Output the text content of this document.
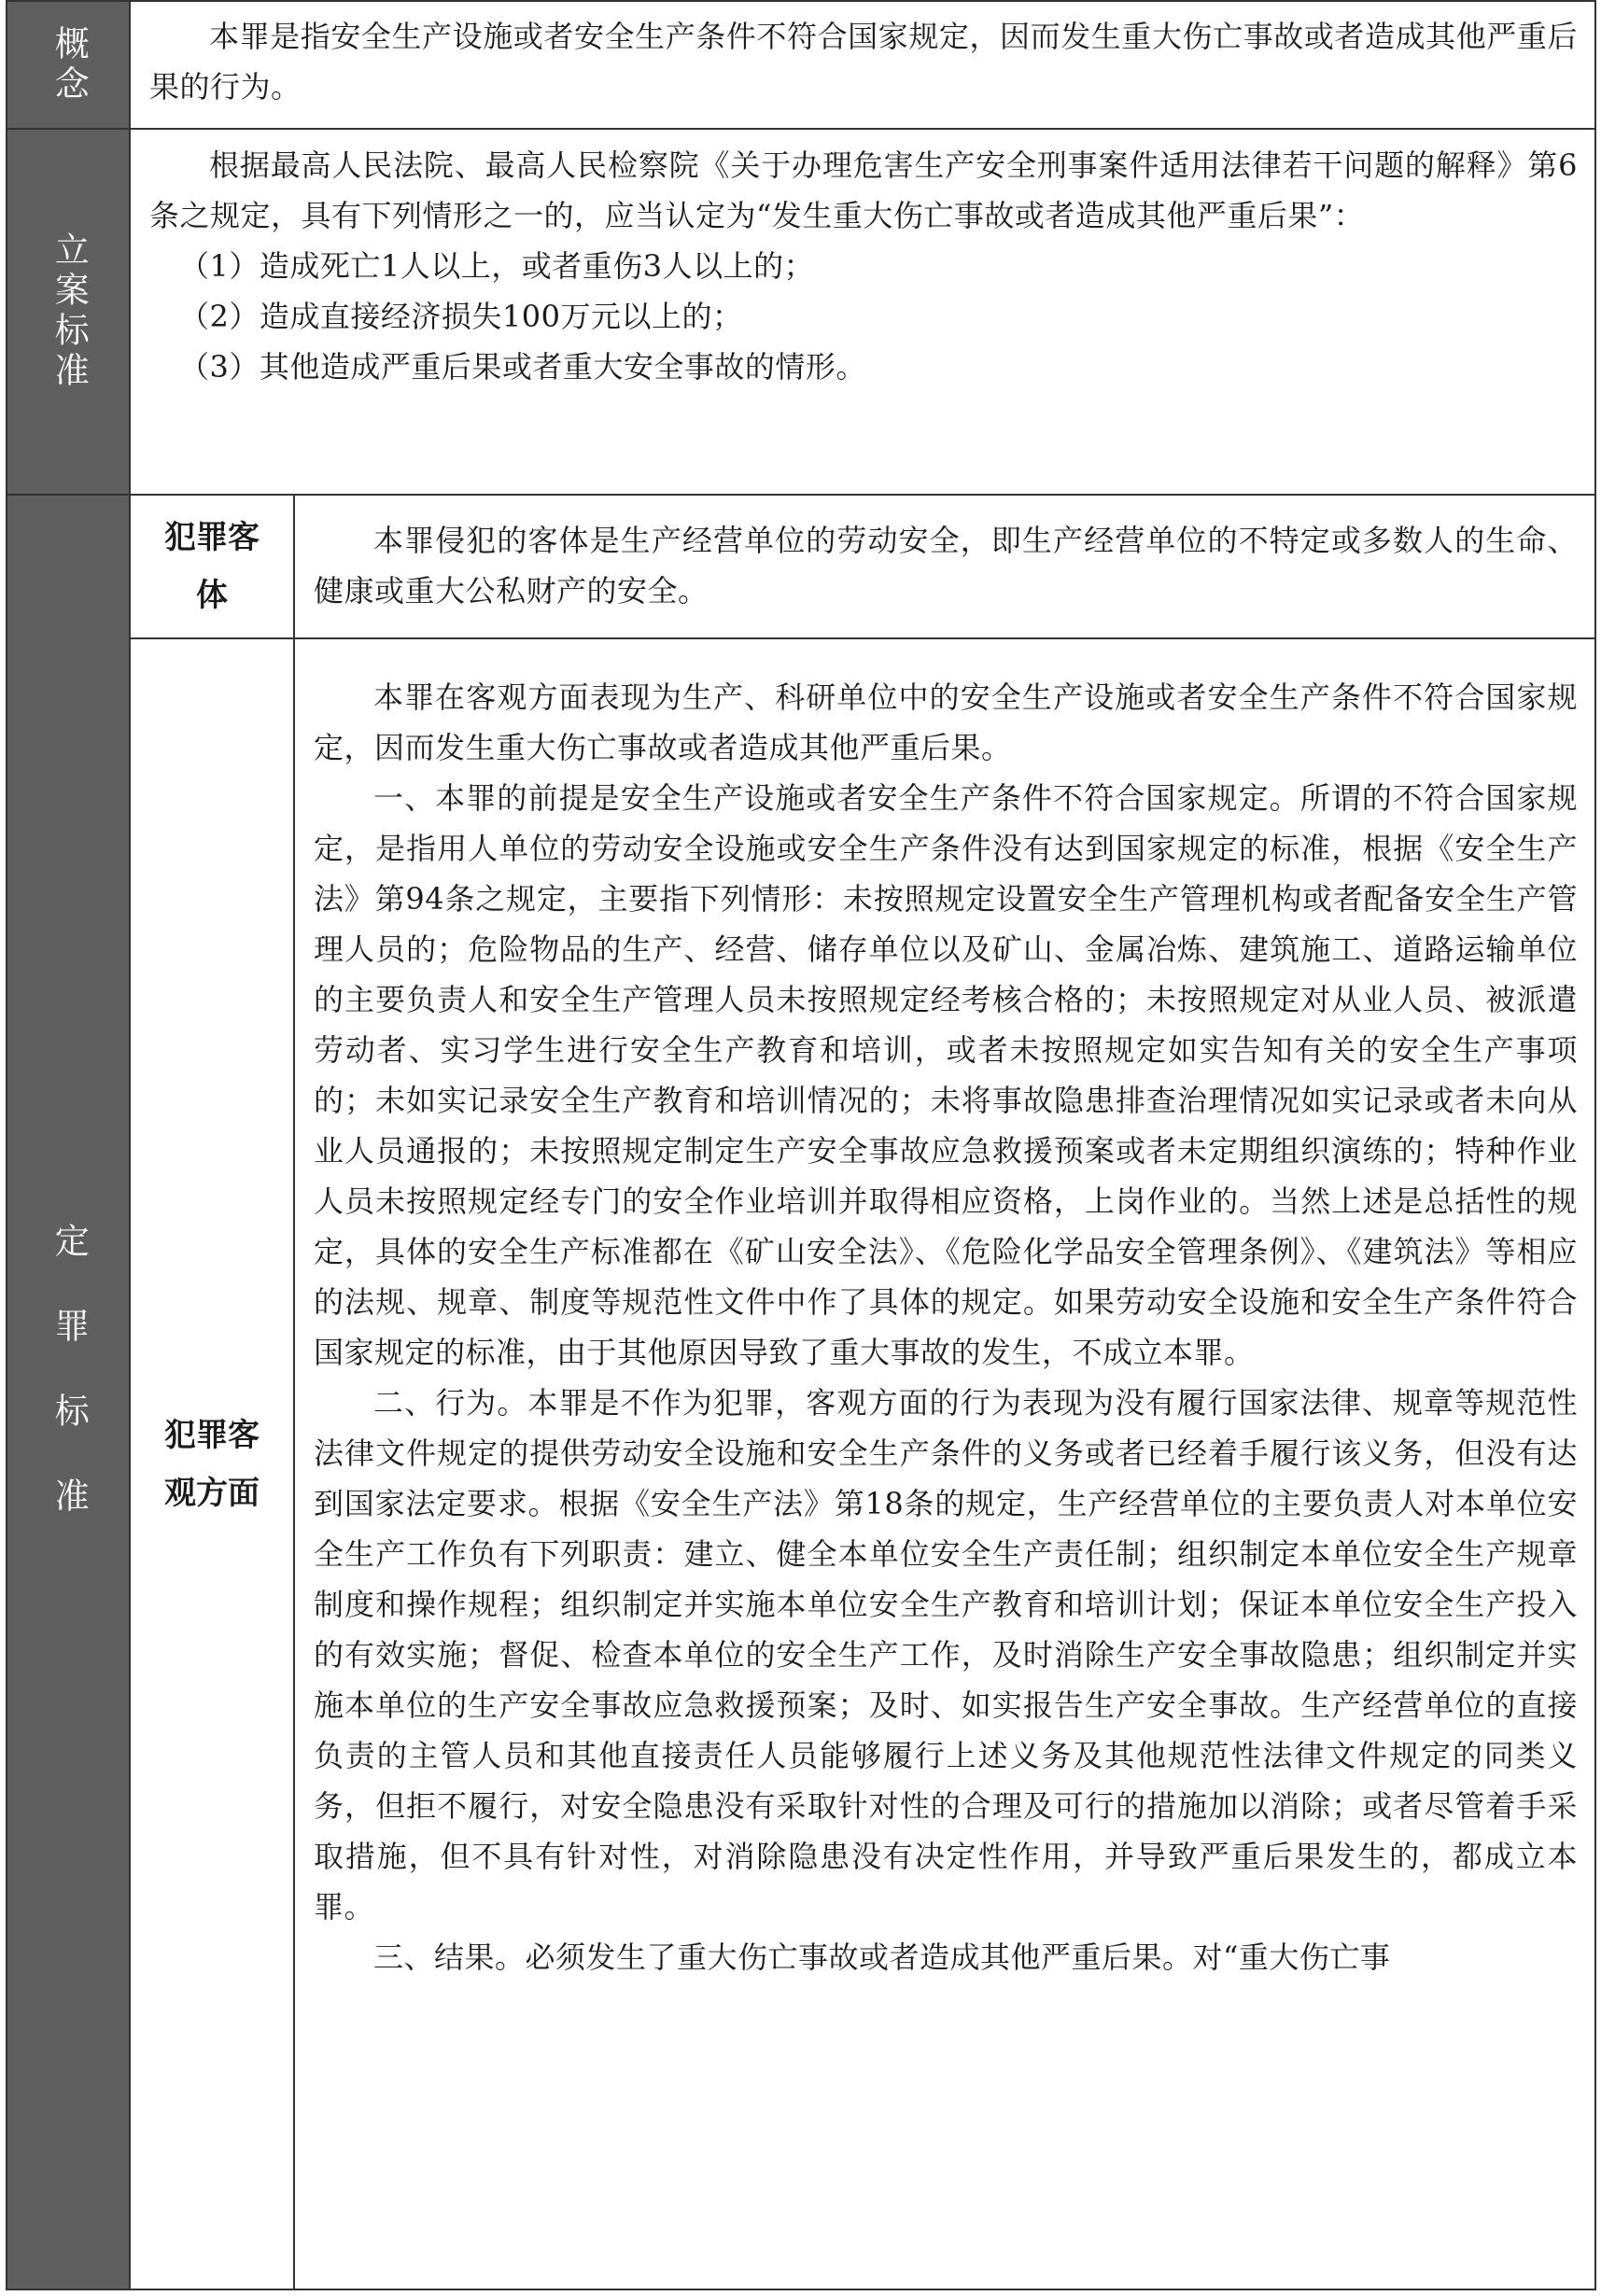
概念	本罪是指安全生产设施或者安全生产条件不符合国家规定，因而发生重大伤亡事故或者造成其他严重后果的行为。

立案标准

根据最高人民法院、最高人民检察院《关于办理危害生产安全刑事案件适用法律若干问题的解释》第6条之规定，具有下列情形之一的，应当认定为“发生重大伤亡事故或者造成其他严重后果”：

（1）造成死亡1人以上，或者重伤3人以上的；

（2）造成直接经济损失100万元以上的；

（3）其他造成严重后果或者重大安全事故的情形。

定罪标准
犯罪客体

本罪侵犯的客体是生产经营单位的劳动安全，即生产经营单位的不特定或多数人的生命、健康或重大公私财产的安全。

犯罪客观方面

本罪在客观方面表现为生产、科研单位中的安全生产设施或者安全生产条件不符合国家规定，因而发生重大伤亡事故或者造成其他严重后果。

一、本罪的前提是安全生产设施或者安全生产条件不符合国家规定。所谓的不符合国家规定，是指用人单位的劳动安全设施或安全生产条件没有达到国家规定的标准，根据《安全生产法》第94条之规定，主要指下列情形：未按照规定设置安全生产管理机构或者配备安全生产管理人员的；危险物品的生产、经营、储存单位以及矿山、金属冶炼、建筑施工、道路运输单位的主要负责人和安全生产管理人员未按照规定经考核合格的；未按照规定对从业人员、被派遣劳动者、实习学生进行安全生产教育和培训，或者未按照规定如实告知有关的安全生产事项的；未如实记录安全生产教育和培训情况的；未将事故隐患排查治理情况如实记录或者未向从业人员通报的；未按照规定制定生产安全事故应急救援预案或者未定期组织演练的；特种作业人员未按照规定经专门的安全作业培训并取得相应资格，上岗作业的。当然上述是总括性的规定，具体的安全生产标准都在《矿山安全法》、《危险化学品安全管理条例》、《建筑法》等相应的法规、规章、制度等规范性文件中作了具体的规定。如果劳动安全设施和安全生产条件符合国家规定的标准，由于其他原因导致了重大事故的发生，不成立本罪。

二、行为。本罪是不作为犯罪，客观方面的行为表现为没有履行国家法律、规章等规范性法律文件规定的提供劳动安全设施和安全生产条件的义务或者已经着手履行该义务，但没有达到国家法定要求。根据《安全生产法》第18条的规定，生产经营单位的主要负责人对本单位安全生产工作负有下列职责：建立、健全本单位安全生产责任制；组织制定本单位安全生产规章制度和操作规程；组织制定并实施本单位安全生产教育和培训计划；保证本单位安全生产投入的有效实施；督促、检查本单位的安全生产工作，及时消除生产安全事故隐患；组织制定并实施本单位的生产安全事故应急救援预案；及时、如实报告生产安全事故。生产经营单位的直接负责的主管人员和其他直接责任人员能够履行上述义务及其他规范性法律文件规定的同类义务，但拒不履行，对安全隐患没有采取针对性的合理及可行的措施加以消除；或者尽管着手采取措施，但不具有针对性，对消除隐患没有决定性作用，并导致严重后果发生的，都成立本罪。

三、结果。必须发生了重大伤亡事故或者造成其他严重后果。对“重大伤亡事
